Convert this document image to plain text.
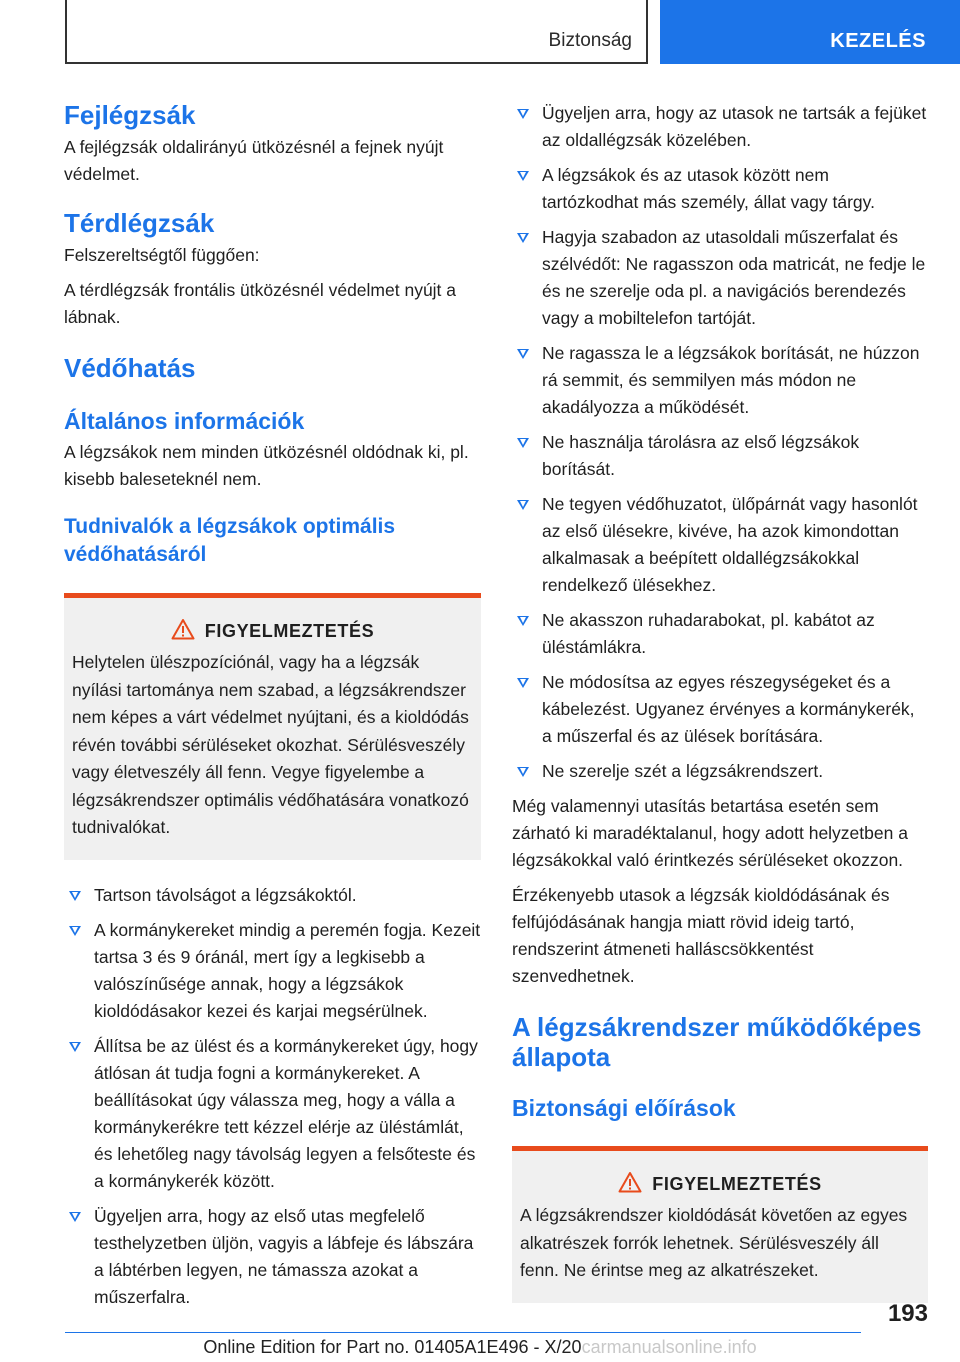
Biztonság	KEZELÉS
Fejlégzsák

A fejlégzsák oldalirányú ütközésnél a fejnek nyújt védelmet.

Térdlégzsák

Felszereltségtől függően:

A térdlégzsák frontális ütközésnél védelmet nyújt a lábnak.

Védőhatás
Általános információk

A légzsákok nem minden ütközésnél oldódnak ki, pl. kisebb baleseteknél nem.

Tudnivalók a légzsákok optimális védőhatásáról
FIGYELMEZTETÉS

Helytelen ülészpozíciónál, vagy ha a légzsák nyílási tartománya nem szabad, a légzsákrendszer nem képes a várt védelmet nyújtani, és a kioldódás révén további sérüléseket okozhat. Sérülésveszély vagy életveszély áll fenn. Vegye figyelembe a légzsákrendszer optimális védőhatására vonatkozó tudnivalókat.

Tartson távolságot a légzsákoktól.
A kormánykereket mindig a peremén fogja. Kezeit tartsa 3 és 9 óránál, mert így a legkisebb a valószínűsége annak, hogy a légzsákok kioldódásakor kezei és karjai megsérülnek.
Állítsa be az ülést és a kormánykereket úgy, hogy átlósan át tudja fogni a kormánykereket. A beállításokat úgy válassza meg, hogy a válla a kormánykerékre tett kézzel elérje az üléstámlát, és lehetőleg nagy távolság legyen a felsőteste és a kormánykerék között.
Ügyeljen arra, hogy az első utas megfelelő testhelyzetben üljön, vagyis a lábfeje és lábszára a lábtérben legyen, ne támassza azokat a műszerfalra.
Ügyeljen arra, hogy az utasok ne tartsák a fejüket az oldallégzsák közelében.
A légzsákok és az utasok között nem tartózkodhat más személy, állat vagy tárgy.
Hagyja szabadon az utasoldali műszerfalat és szélvédőt: Ne ragasszon oda matricát, ne fedje le és ne szerelje oda pl. a navigációs berendezés vagy a mobiltelefon tartóját.
Ne ragassza le a légzsákok borítását, ne húzzon rá semmit, és semmilyen más módon ne akadályozza a működését.
Ne használja tárolásra az első légzsákok borítását.
Ne tegyen védőhuzatot, ülőpárnát vagy hasonlót az első ülésekre, kivéve, ha azok kimondottan alkalmasak a beépített oldallégzsákokkal rendelkező ülésekhez.
Ne akasszon ruhadarabokat, pl. kabátot az üléstámlákra.
Ne módosítsa az egyes részegységeket és a kábelezést. Ugyanez érvényes a kormánykerék, a műszerfal és az ülések borítására.
Ne szerelje szét a légzsákrendszert.

Még valamennyi utasítás betartása esetén sem zárható ki maradéktalanul, hogy adott helyzetben a légzsákokkal való érintkezés sérüléseket okozzon.

Érzékenyebb utasok a légzsák kioldódásának és felfújódásának hangja miatt rövid ideig tartó, rendszerint átmeneti halláscsökkentést szenvedhetnek.

A légzsákrendszer működőképes állapota
Biztonsági előírások
FIGYELMEZTETÉS

A légzsákrendszer kioldódását követően az egyes alkatrészek forrók lehetnek. Sérülésveszély áll fenn. Ne érintse meg az alkatrészeket.

193
Online Edition for Part no. 01405A1E496 - X/20carmanualsonline.info
